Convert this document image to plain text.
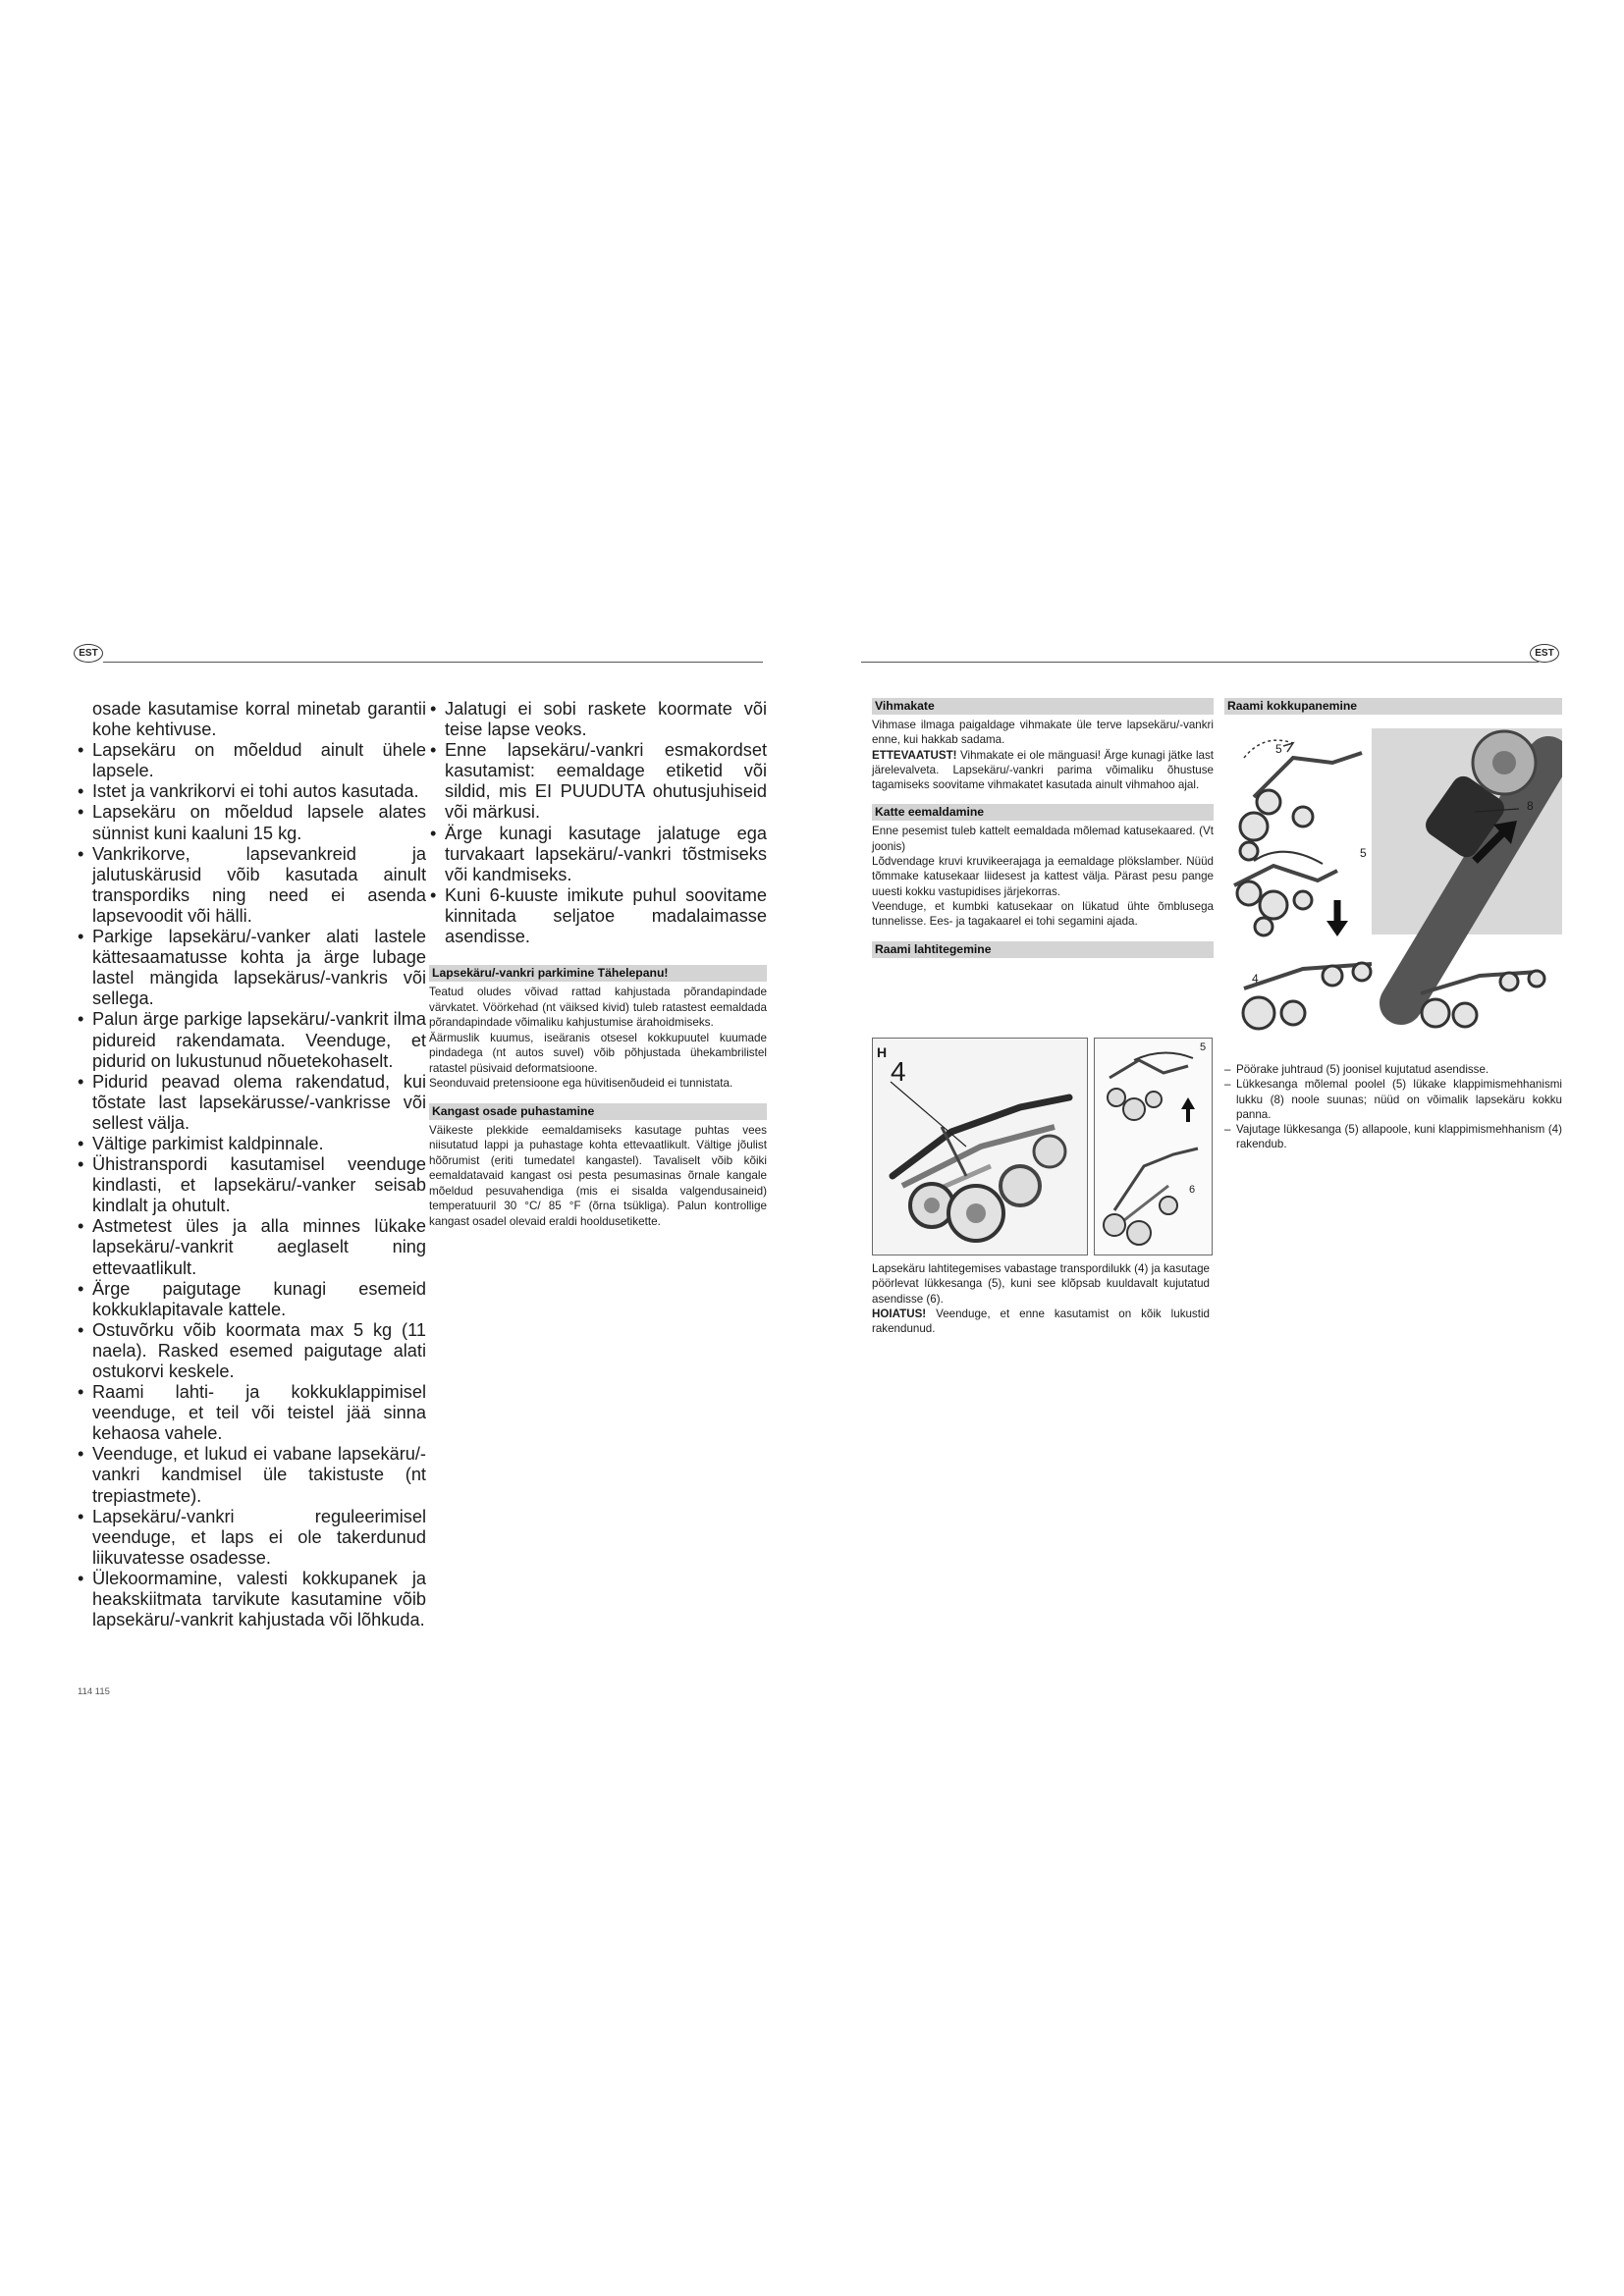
EST	EST
osade kasutamise korral minetab garantii kohe kehtivuse.
• Lapsekäru on mõeldud ainult ühele lapsele.
• Istet ja vankrikorvi ei tohi autos kasutada.
• Lapsekäru on mõeldud lapsele alates sünnist kuni kaaluni 15 kg.
• Vankrikorve, lapsevankreid ja jalutuskärusid võib kasutada ainult transpordiks ning need ei asenda lapsevoodit või hälli.
• Parkige lapsekäru/-vanker alati lastele kättesaamatusse kohta ja ärge lubage lastel mängida lapsekärus/-vankris või sellega.
• Palun ärge parkige lapsekäru/-vankrit ilma pidureid rakendamata. Veenduge, et pidurid on lukustunud nõuetekohaselt.
• Pidurid peavad olema rakendatud, kui tõstate last lapsekärusse/-vankrisse või sellest välja.
• Vältige parkimist kaldpinnale.
• Ühistranspordi kasutamisel veenduge kindlasti, et lapsekäru/-vanker seisab kindlalt ja ohutult.
• Astmetest üles ja alla minnes lükake lapsekäru/-vankrit aeglaselt ning ettevaatlikult.
• Ärge paigutage kunagi esemeid kokkuklapitavale kattele.
• Ostuvõrku võib koormata max 5 kg (11 naela). Rasked esemed paigutage alati ostukorvi keskele.
• Raami lahti- ja kokkuklappimisel veenduge, et teil või teistel jää sinna kehaosa vahele.
• Veenduge, et lukud ei vabane lapsekäru/-vankri kandmisel üle takistuste (nt trepiastmete).
• Lapsekäru/-vankri reguleerimisel veenduge, et laps ei ole takerdunud liikuvatesse osadesse.
• Ülekoormamine, valesti kokkupanek ja heakskiitmata tarvikute kasutamine võib lapsekäru/-vankrit kahjustada või lõhkuda.
• Jalatugi ei sobi raskete koormate või teise lapse veoks.
• Enne lapsekäru/-vankri esmakordset kasutamist: eemaldage etiketid või sildid, mis EI PUUDUTA ohutusjuhiseid või märkusi.
• Ärge kunagi kasutage jalatuge ega turvakaart lapsekäru/-vankri tõstmiseks või kandmiseks.
• Kuni 6-kuuste imikute puhul soovitame kinnitada seljatoe madalaimasse asendisse.
Lapsekäru/-vankri parkimine Tähelepanu!

Teatud oludes võivad rattad kahjustada põrandapindade värvkatet. Vöörkehad (nt väiksed kivid) tuleb ratastest eemaldada põrandapindade võimaliku kahjustumise ärahoidmiseks.

Äärmuslik kuumus, iseäranis otsesel kokkupuutel kuumade pindadega (nt autos suvel) võib põhjustada ühekambrilistel ratastel püsivaid deformatsioone.

Seonduvaid pretensioone ega hüvitisenõudeid ei tunnistata.

Kangast osade puhastamine

Väikeste plekkide eemaldamiseks kasutage puhtas vees niisutatud lappi ja puhastage kohta ettevaatlikult. Vältige jõulist hõõrumist (eriti tumedatel kangastel). Tavaliselt võib kõiki eemaldatavaid kangast osi pesta pesumasinas õrnale kangale mõeldud pesuvahendiga (mis ei sisalda valgendusaineid) temperatuuril 30 °C/ 85 °F (õrna tsükliga). Palun kontrollige kangast osadel olevaid eraldi hooldusetikette.

Vihmakate

Vihmase ilmaga paigaldage vihmakate üle terve lapsekäru/-vankri enne, kui hakkab sadama.

ETTEVAATUST! Vihmakate ei ole mänguasi! Ärge kunagi jätke last järelevalveta. Lapsekäru/-vankri parima võimaliku õhustuse tagamiseks soovitame vihmakatet kasutada ainult vihmahoo ajal.

Katte eemaldamine

Enne pesemist tuleb kattelt eemaldada mõlemad katusekaared. (Vt joonis)

Lõdvendage kruvi kruvikeerajaga ja eemaldage plökslamber. Nüüd tõmmake katusekaar liidesest ja kattest välja. Pärast pesu pange uuesti kokku vastupidises järjekorras.

Veenduge, et kumbki katusekaar on lükatud ühte õmblusega tunnelisse. Ees- ja tagakaarel ei tohi segamini ajada.

Raami lahtitegemine
H
4
5
6

Lapsekäru lahtitegemises vabastage transpordilukk (4) ja kasutage pöörlevat lükkesanga (5), kuni see klõpsab kuuldavalt kujutatud asendisse (6).

HOIATUS! Veenduge, et enne kasutamist on kõik lukustid rakendunud.

Raami kokkupanemine
5
5
8
4
– Pöörake juhtraud (5) joonisel kujutatud asendisse.
– Lükkesanga mõlemal poolel (5) lükake klappimismehhanismi lukku (8) noole suunas; nüüd on võimalik lapsekäru kokku panna.
– Vajutage lükkesanga (5) allapoole, kuni klappimismehhanism (4) rakendub.
114 115
